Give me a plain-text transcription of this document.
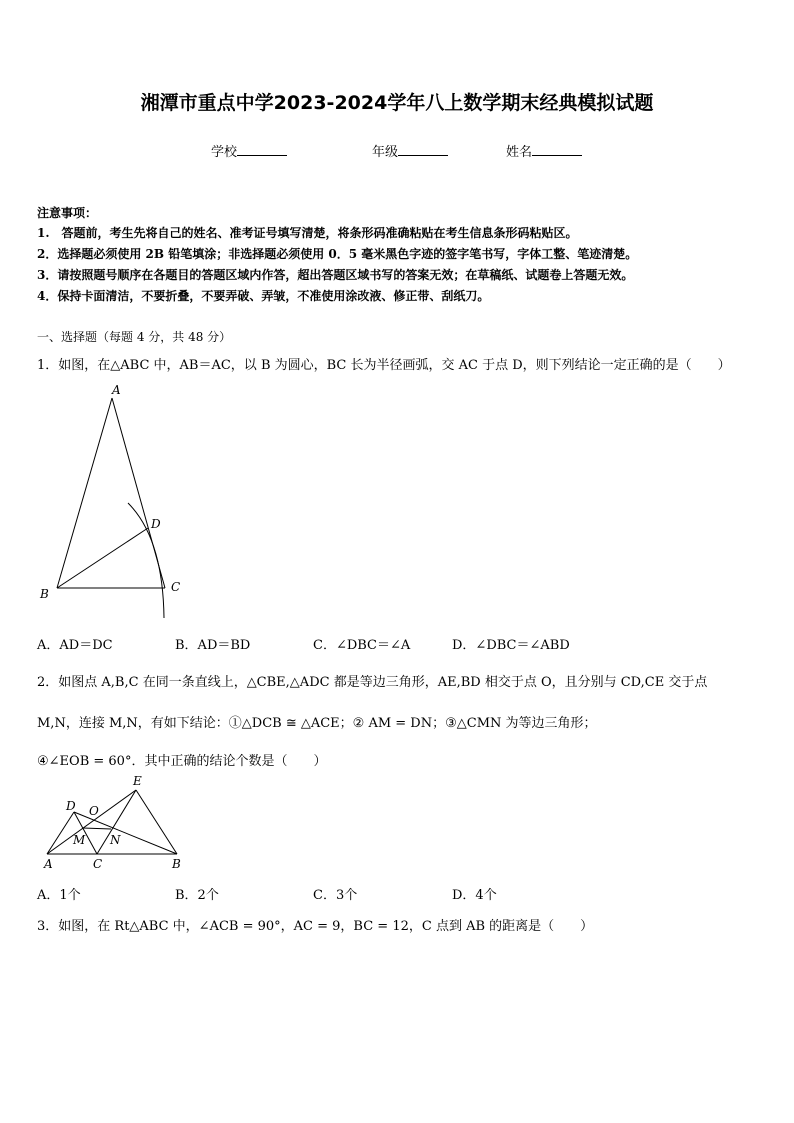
湘潭市重点中学2023-2024学年八上数学期末经典模拟试题
学校	年级	姓名
注意事项：
1.　答题前，考生先将自己的姓名、准考证号填写清楚，将条形码准确粘贴在考生信息条形码粘贴区。
2．选择题必须使用 2B 铅笔填涂；非选择题必须使用 0．5 毫米黑色字迹的签字笔书写，字体工整、笔迹清楚。
3．请按照题号顺序在各题目的答题区域内作答，超出答题区域书写的答案无效；在草稿纸、试题卷上答题无效。
4．保持卡面清洁，不要折叠，不要弄破、弄皱，不准使用涂改液、修正带、刮纸刀。
一、选择题（每题 4 分，共 48 分）
1．如图，在△ABC 中，AB＝AC，以 B 为圆心，BC 长为半径画弧，交 AC 于点 D，则下列结论一定正确的是（　　）
A
B	C
D
A．AD＝DC	B．AD＝BD	C．∠DBC＝∠A	D．∠DBC＝∠ABD
2．如图点 A,B,C 在同一条直线上，△CBE,△ADC 都是等边三角形，AE,BD 相交于点 O，且分别与 CD,CE 交于点
M,N，连接 M,N，有如下结论：①△DCB ≅ △ACE；② AM = DN；③△CMN 为等边三角形；
④∠EOB = 60°．其中正确的结论个数是（　　）
E
D O
M N
A	C	B
A．1个	B．2个	C．3个	D．4个
3．如图，在 Rt△ABC 中，∠ACB = 90°，AC = 9，BC = 12，C 点到 AB 的距离是（　　）
